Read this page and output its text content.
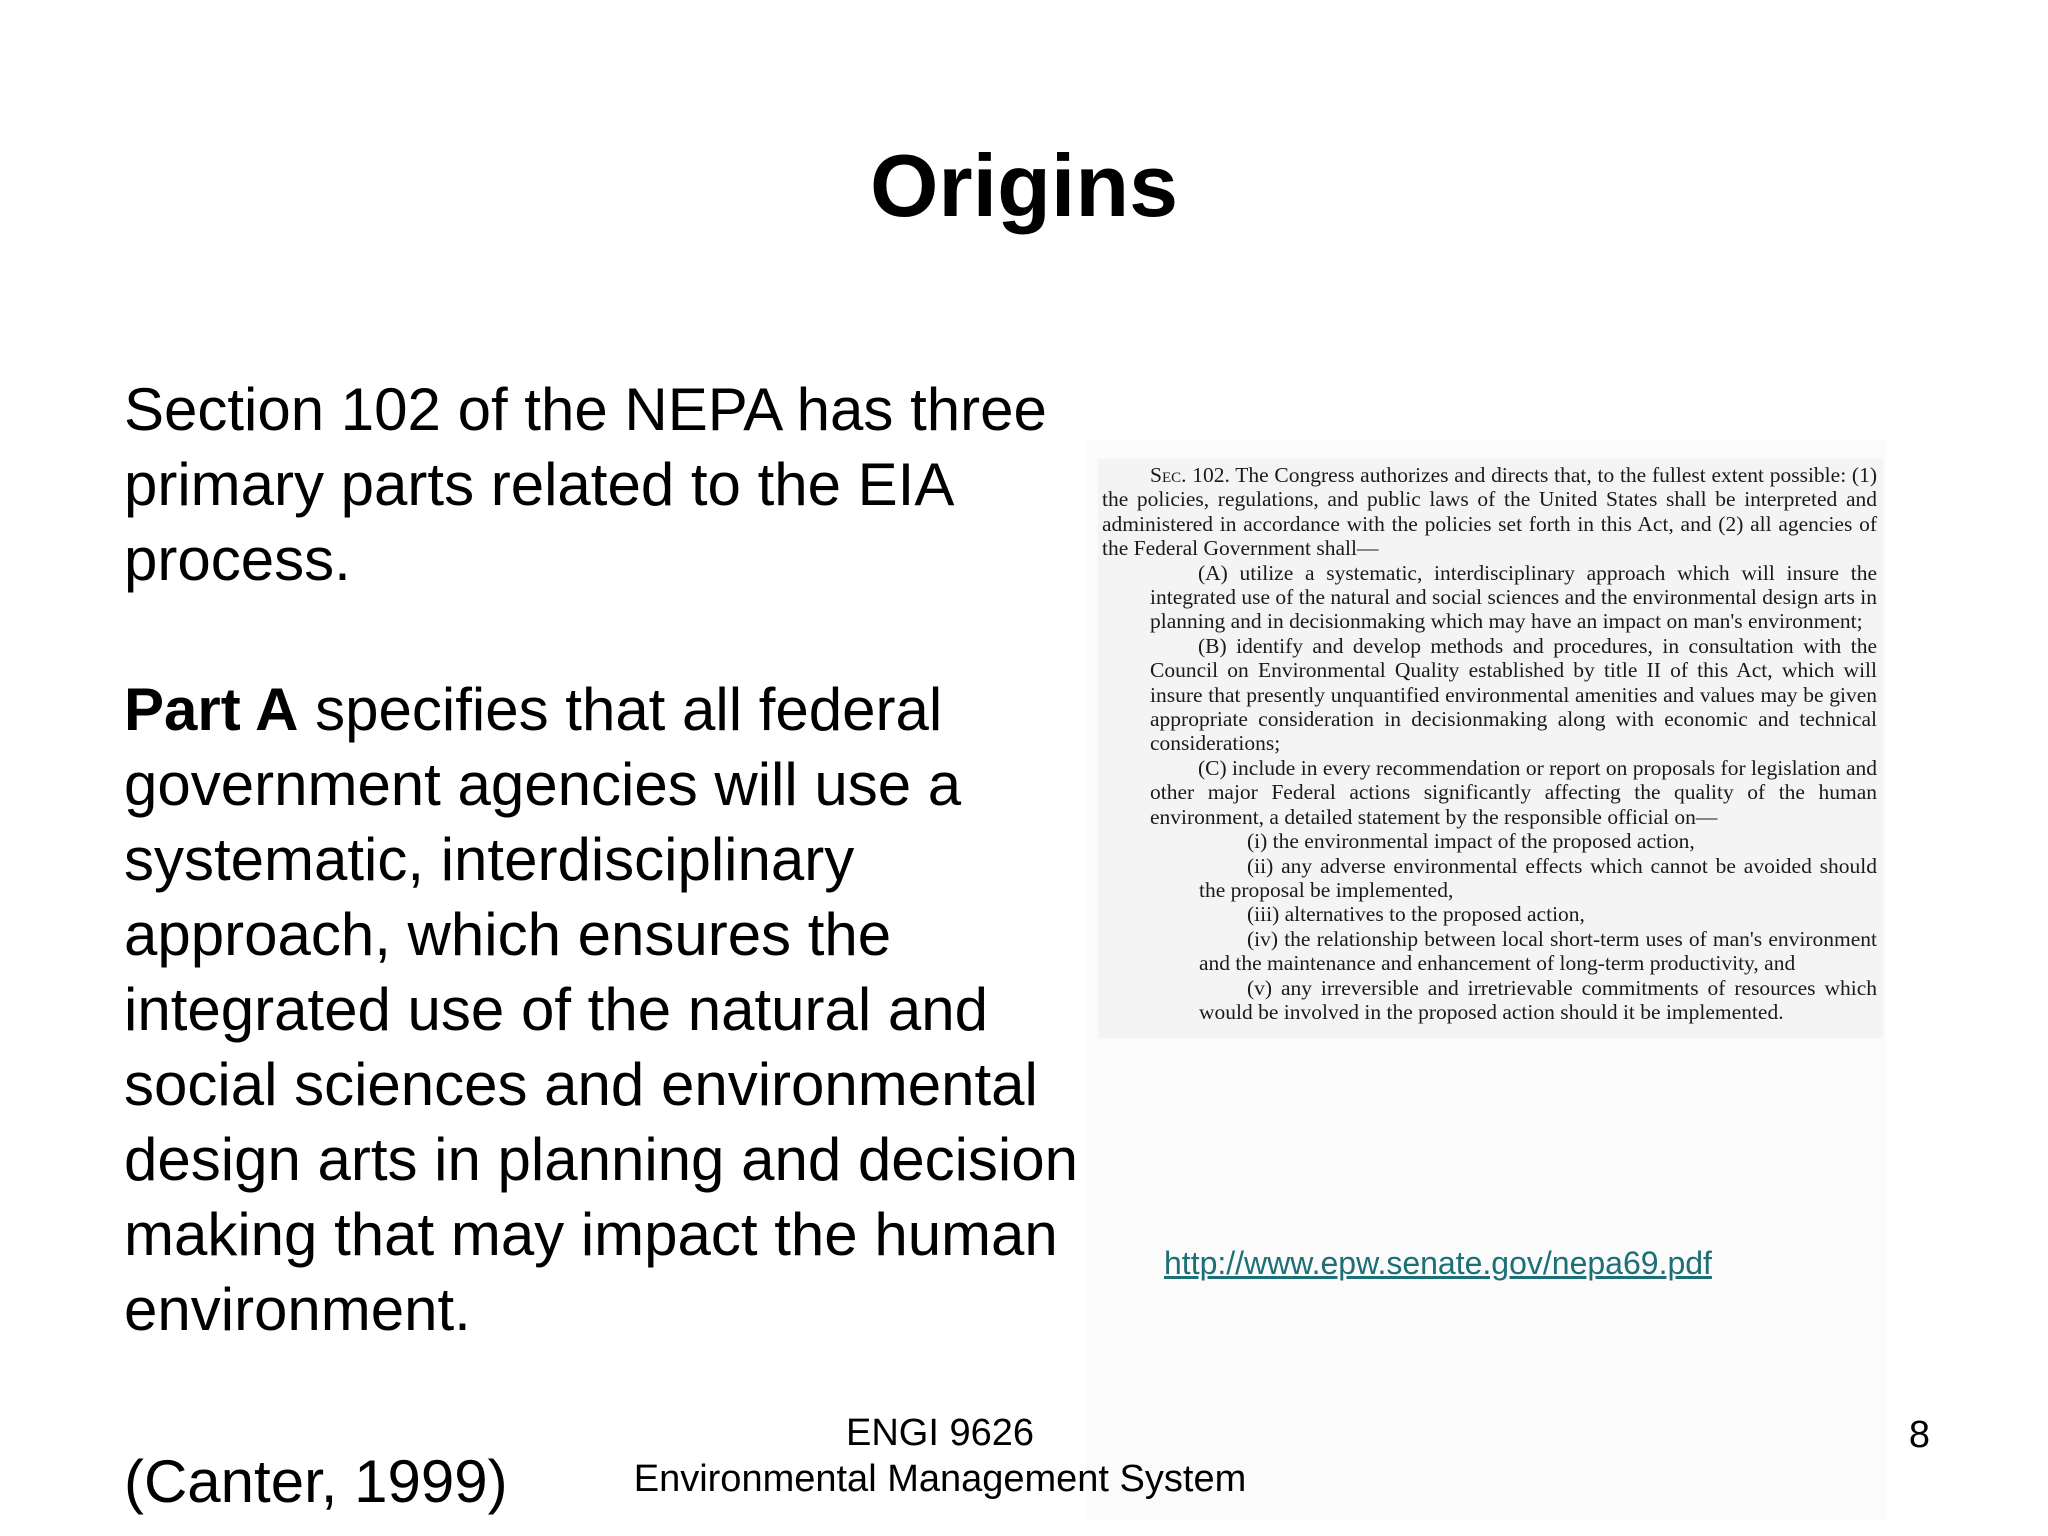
Origins

Section 102 of the NEPA has three primary parts related to the EIA process.

Part A specifies that all federal government agencies will use a systematic, interdisciplinary approach, which ensures the integrated use of the natural and social sciences and environmental design arts in planning and decision making that may impact the human environment.

Sec. 102. The Congress authorizes and directs that, to the fullest extent possible: (1) the policies, regulations, and public laws of the United States shall be interpreted and administered in accordance with the policies set forth in this Act, and (2) all agencies of the Federal Government shall—

(A) utilize a systematic, interdisciplinary approach which will insure the integrated use of the natural and social sciences and the environmental design arts in planning and in decisionmaking which may have an impact on man's environment;

(B) identify and develop methods and procedures, in consultation with the Council on Environmental Quality established by title II of this Act, which will insure that presently unquantified environmental amenities and values may be given appropriate consideration in decisionmaking along with economic and technical considerations;

(C) include in every recommendation or report on proposals for legislation and other major Federal actions significantly affecting the quality of the human environment, a detailed statement by the responsible official on—

(i) the environmental impact of the proposed action,

(ii) any adverse environmental effects which cannot be avoided should the proposal be implemented,

(iii) alternatives to the proposed action,

(iv) the relationship between local short-term uses of man's environment and the maintenance and enhancement of long-term productivity, and

(v) any irreversible and irretrievable commitments of resources which would be involved in the proposed action should it be implemented.

http://www.epw.senate.gov/nepa69.pdf
(Canter, 1999)
ENGI 9626
Environmental Management System
8
